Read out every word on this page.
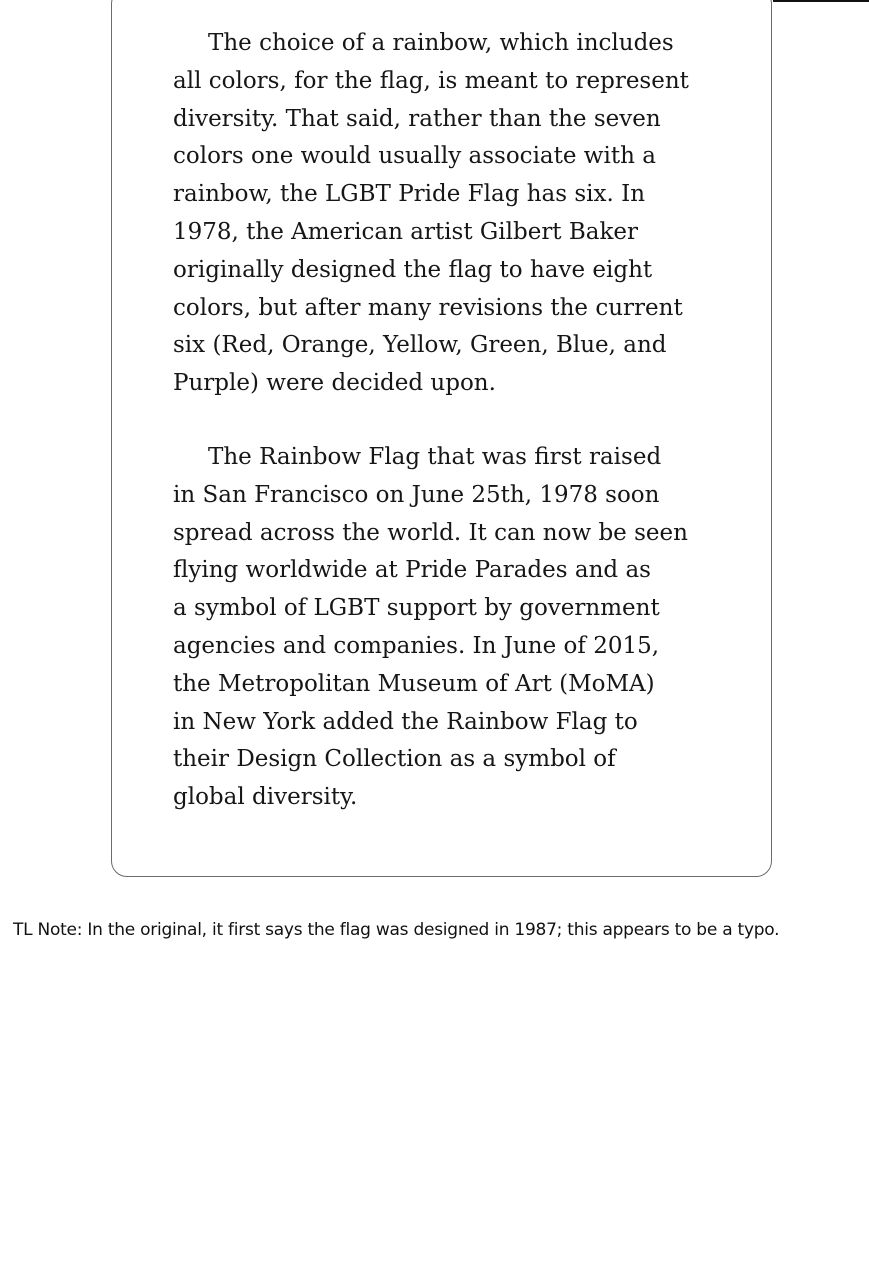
The choice of a rainbow, which includes
all colors, for the flag, is meant to represent
diversity. That said, rather than the seven
colors one would usually associate with a
rainbow, the LGBT Pride Flag has six. In
1978, the American artist Gilbert Baker
originally designed the flag to have eight
colors, but after many revisions the current
six (Red, Orange, Yellow, Green, Blue, and
Purple) were decided upon.

The Rainbow Flag that was first raised
in San Francisco on June 25th, 1978 soon
spread across the world. It can now be seen
flying worldwide at Pride Parades and as
a symbol of LGBT support by government
agencies and companies. In June of 2015,
the Metropolitan Museum of Art (MoMA)
in New York added the Rainbow Flag to
their Design Collection as a symbol of
global diversity.

TL Note: In the original, it first says the flag was designed in 1987; this appears to be a typo.
